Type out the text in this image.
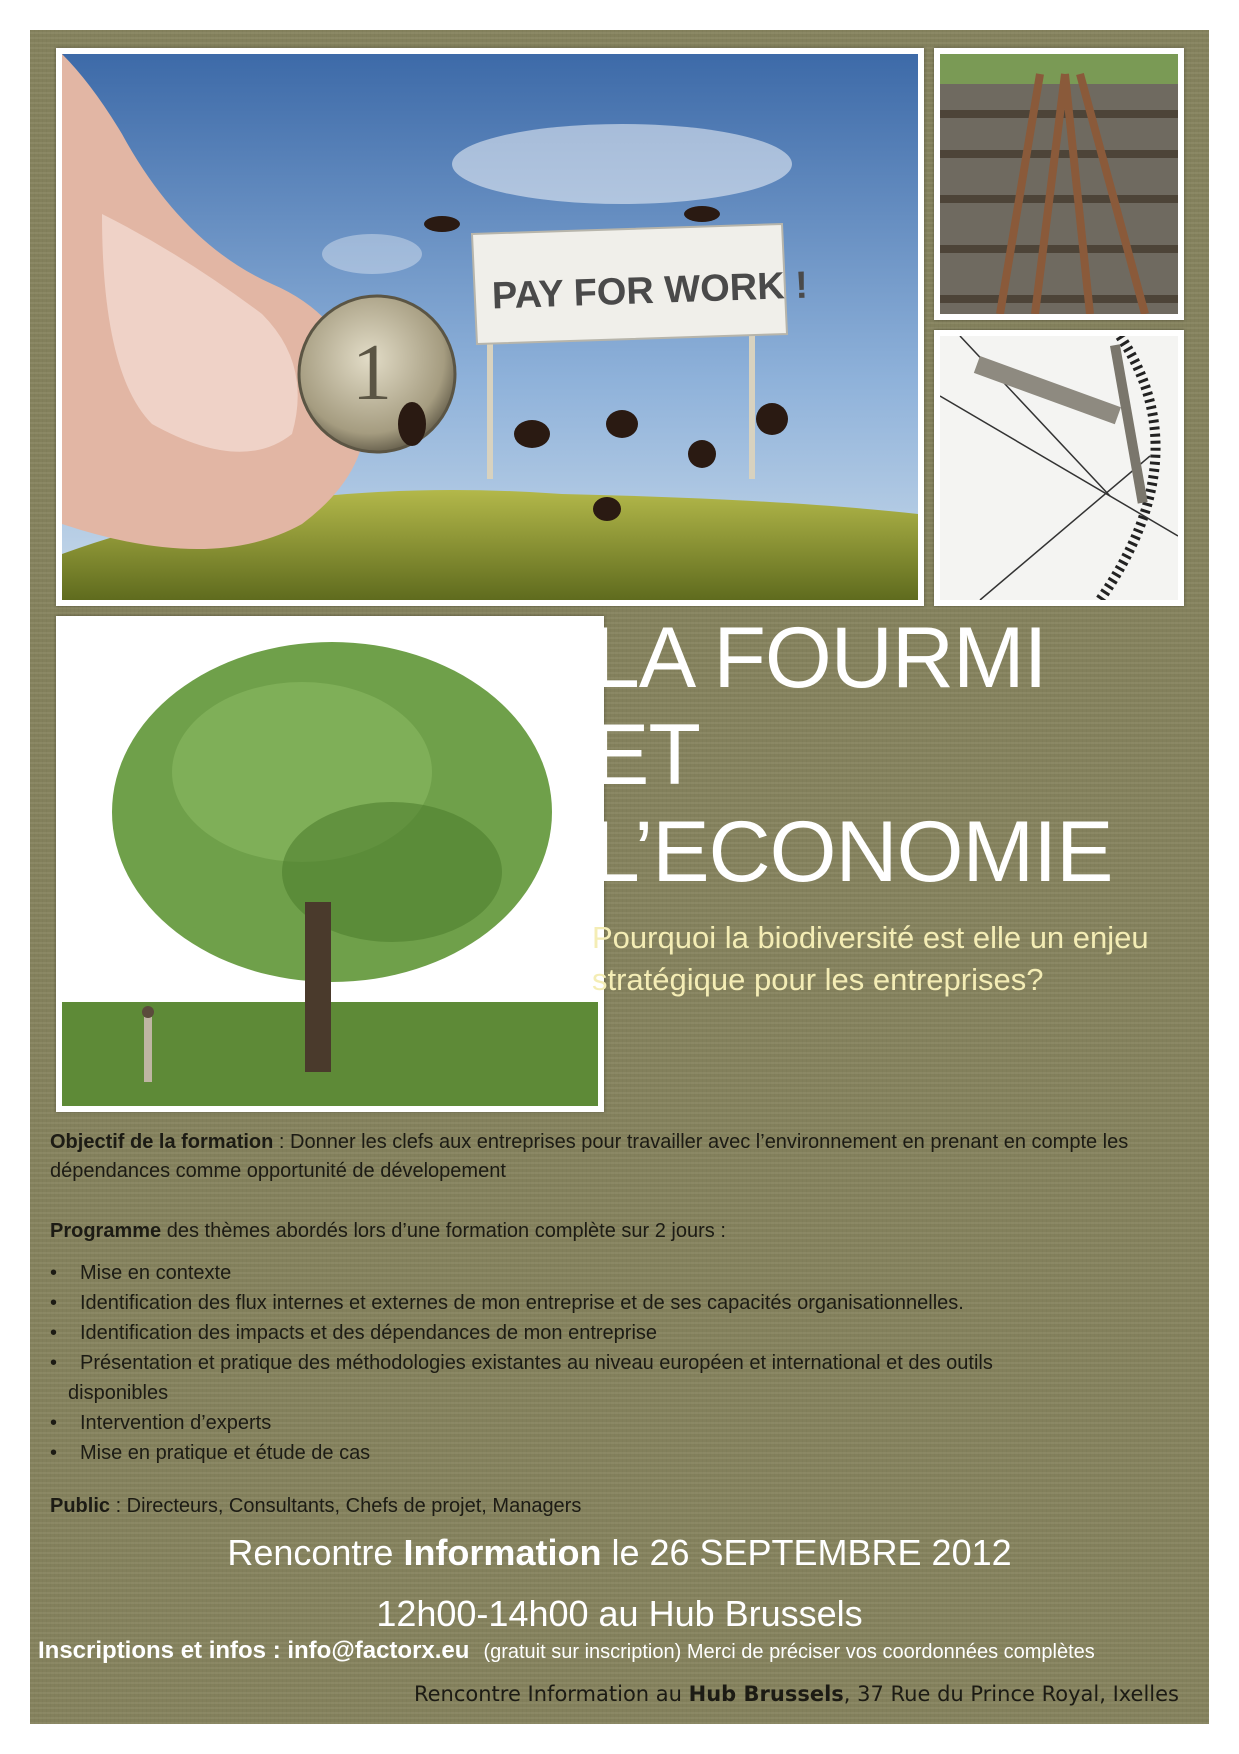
1
PAY FOR WORK !
LA FOURMI
ET
L’ECONOMIE
Pourquoi la biodiversité est elle un enjeu stratégique pour les entreprises?
Objectif de la formation : Donner les clefs aux entreprises pour travailler avec l’environnement en prenant en compte les dépendances comme opportunité de dévelopement
Programme des thèmes abordés lors d’une formation complète sur 2 jours :
• Mise en contexte
• Identification des flux internes et externes de mon entreprise et de ses capacités organisationnelles.
• Identification des impacts et des dépendances de mon entreprise
• Présentation et pratique des méthodologies existantes au niveau européen et international et des outils
disponibles
• Intervention d’experts
• Mise en pratique et étude de cas
Public : Directeurs, Consultants, Chefs de projet, Managers
Rencontre Information le 26 SEPTEMBRE 2012
12h00-14h00 au Hub Brussels
Inscriptions et infos : info@factorx.eu (gratuit sur inscription) Merci de préciser vos coordonnées complètes
Rencontre Information au Hub Brussels, 37 Rue du Prince Royal, Ixelles
